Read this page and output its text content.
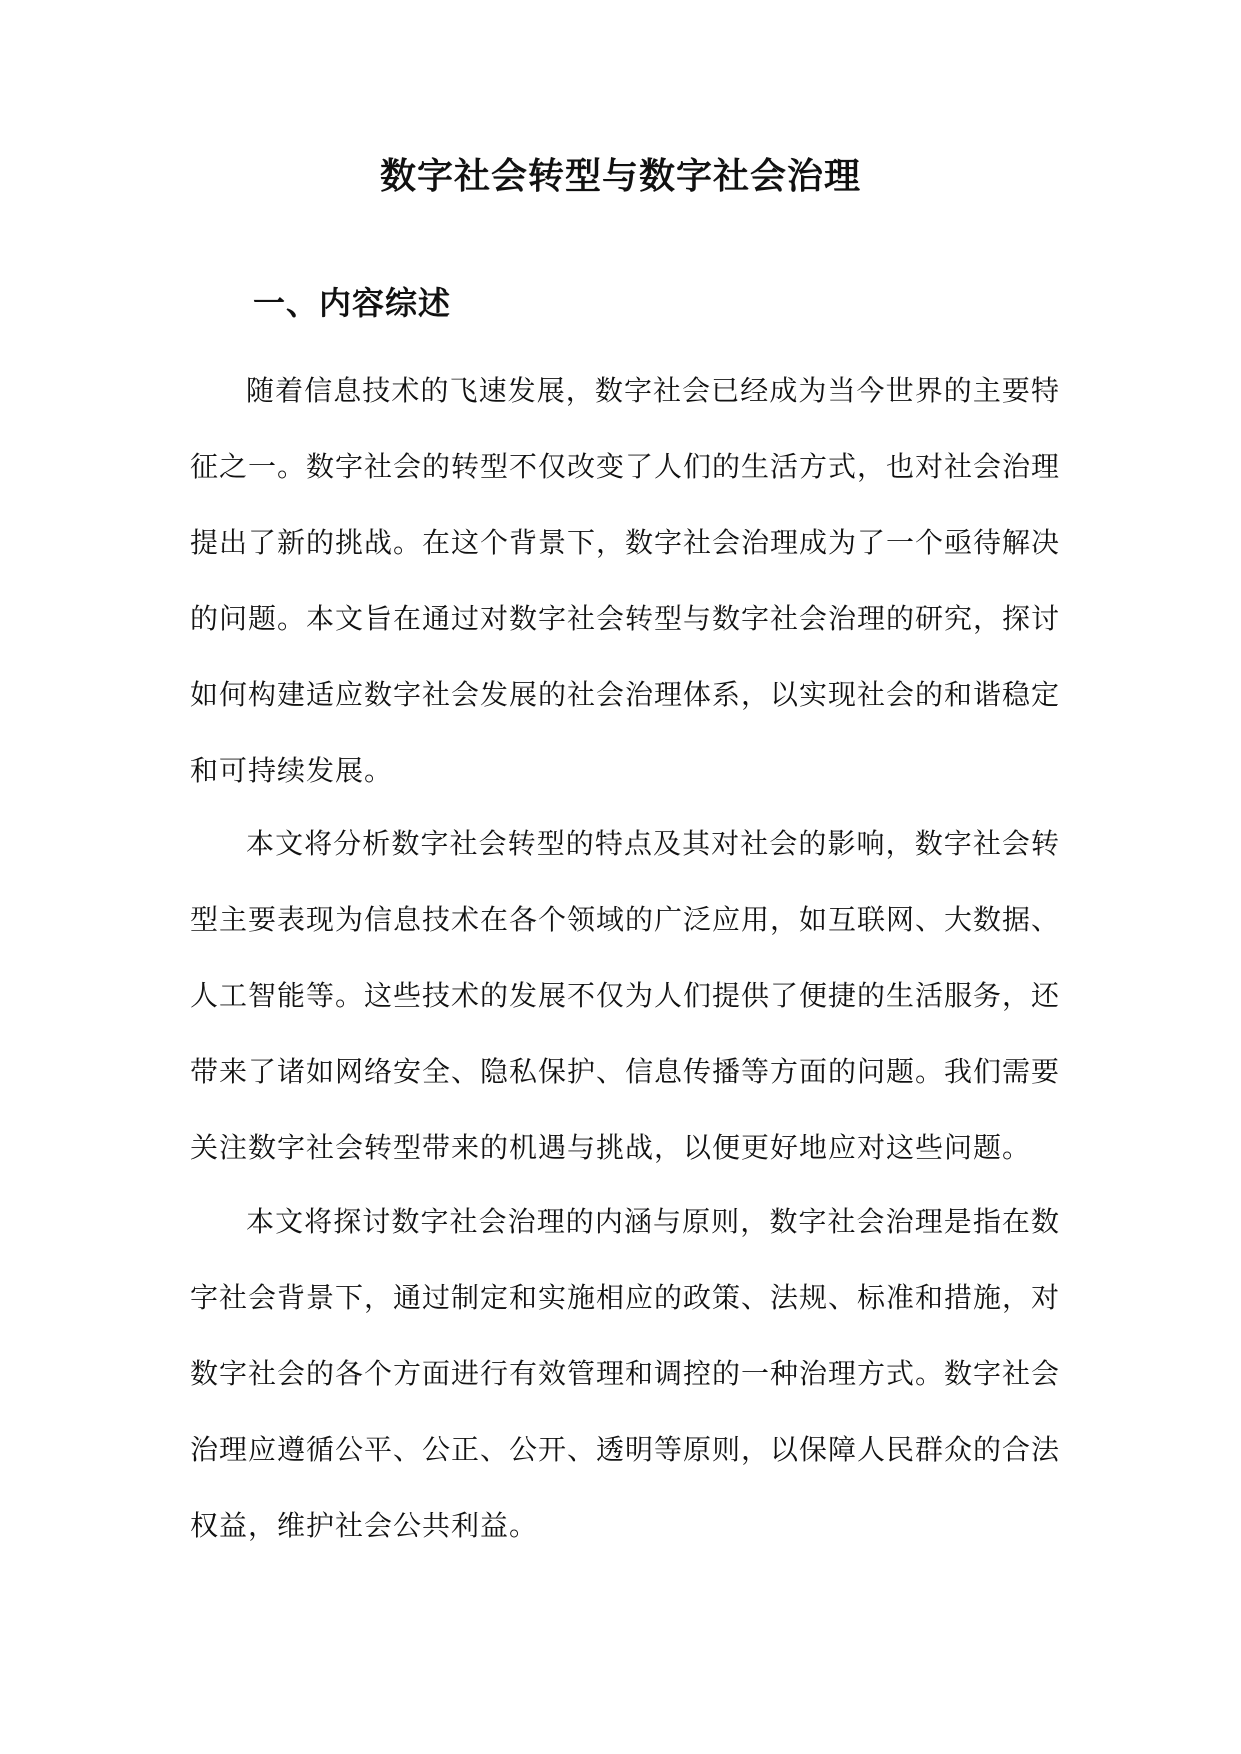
数字社会转型与数字社会治理
一、内容综述

随着信息技术的飞速发展，数字社会已经成为当今世界的主要特征之一。数字社会的转型不仅改变了人们的生活方式，也对社会治理提出了新的挑战。在这个背景下，数字社会治理成为了一个亟待解决的问题。本文旨在通过对数字社会转型与数字社会治理的研究，探讨如何构建适应数字社会发展的社会治理体系，以实现社会的和谐稳定和可持续发展。

本文将分析数字社会转型的特点及其对社会的影响，数字社会转型主要表现为信息技术在各个领域的广泛应用，如互联网、大数据、人工智能等。这些技术的发展不仅为人们提供了便捷的生活服务，还带来了诸如网络安全、隐私保护、信息传播等方面的问题。我们需要关注数字社会转型带来的机遇与挑战，以便更好地应对这些问题。

本文将探讨数字社会治理的内涵与原则，数字社会治理是指在数字社会背景下，通过制定和实施相应的政策、法规、标准和措施，对数字社会的各个方面进行有效管理和调控的一种治理方式。数字社会治理应遵循公平、公正、公开、透明等原则，以保障人民群众的合法权益，维护社会公共利益。
